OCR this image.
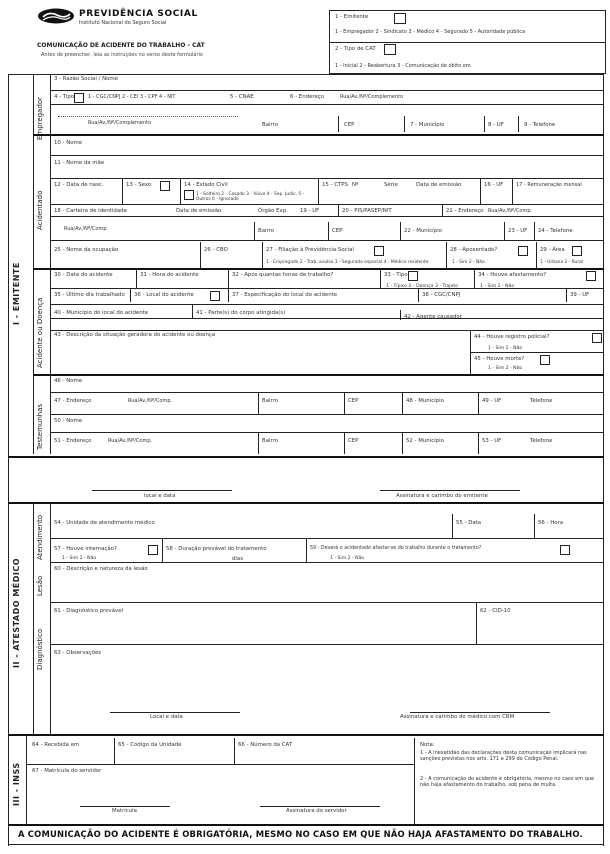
PREVIDÊNCIA SOCIAL
Instituto Nacional do Seguro Social
COMUNICAÇÃO DE ACIDENTE DO TRABALHO - CAT
Antes de preencher, leia as instruções no verso deste formulário
1 - Emitente
1 - Empregador 2 - Sindicato 3 - Médico 4 - Segurado 5 - Autoridade pública
2 - Tipo de CAT
1 - Inicial 2 - Reabertura 3 - Comunicação de óbito em
I - EMITENTE
Empregador
Acidentado
Acidente ou Doença
Testemunhas
3 - Razão Social / Nome
4 - Tipo	1 - CGC/CNPJ 2 - CEI 3 - CPF 4 - NIT	5 - CNAE	6 - Endereço	Rua/Av./Nº/Complemento
Rua/Av./Nº/Complemento	Bairro	CEP	7 - Município	8 - UF	9 - Telefone
10 - Nome
11 - Nome da mãe
12 - Data de nasc.	13 - Sexo	14 - Estado Civil
1 - Solteiro 2 - Casado 3 - Viúvo 4 - Sep. Judic. 5 - Outros 6 - Ignorado
15 - CTPS Nº	Série	Data de emissão	16 - UF	17 - Remuneração mensal
18 - Carteira de identidade	Data de emissão	Órgão Exp. 19 - UF	20 - PIS/PASEP/NIT	21 - Endereço Rua/Av./Nº/Comp.
Rua/Av./Nº/Comp.	Bairro	CEP	22 - Município	23 - UF 24 - Telefone
25 - Nome da ocupação	26 - CBO	27 - Filiação à Previdência Social
1 - Empregado 2 - Trab. avulso 3 - Segurado especial 4 - Médico residente
28 - Aposentado?
1 - Sim 2 - Não
29 - Área
1 - Urbana 2 - Rural
30 - Data do acidente	31 - Hora do acidente	32 - Após quantas horas de trabalho?	33 - Tipo
1 - Típico 2 - Doença 3 - Trajeto
34 - Houve afastamento?
1 - Sim 2 - Não
35 - Último dia trabalhado 36 - Local do acidente	37 - Especificação do local do acidente	38 - CGC/CNPJ	39 - UF
40 - Município do local do acidente	41 - Parte(s) do corpo atingida(s)
42 - Agente causador
43 - Descrição da situação geradora do acidente ou doença	44 - Houve registro policial?
1 - Sim 2 - Não
45 - Houve morte?
1 - Sim 2 - Não
46 - Nome
47 - Endereço	Rua/Av./Nº/Comp.	Bairro	CEP	48 - Município	49 - UF	Telefone
50 - Nome
51 - Endereço	Rua/Av./Nº/Comp.	Bairro	CEP	52 - Município	53 - UF	Telefone
local e data	Assinatura e carimbo do emitente
II - ATESTADO MÉDICO
Atendimento
Lesão
Diagnóstico
54 - Unidade de atendimento médico	55 - Data	56 - Hora
57 - Houve internação?
1 - Sim 2 - Não
58 - Duração provável do tratamento
dias
59 - Deverá o acidentado afastar-se do trabalho durante o tratamento?
1 - Sim 2 - Não
60 - Descrição e natureza da lesão
61 - Diagnóstico provável	62 - CID-10
63 - Observações
Local e data	Assinatura e carimbo do médico com CRM
III - INSS
64 - Recebida em	65 - Código da Unidade	66 - Número da CAT
67 - Matrícula do servidor
Matrícula	Assinatura do servidor
Nota:
1 - A inexatidão das declarações desta comunicação implicará nas sanções previstas nos arts. 171 e 299 do Código Penal.
2 - A comunicação do acidente é obrigatória, mesmo no caso em que não haja afastamento do trabalho, sob pena de multa.
A COMUNICAÇÃO DO ACIDENTE É OBRIGATÓRIA, MESMO NO CASO EM QUE NÃO HAJA AFASTAMENTO DO TRABALHO.
